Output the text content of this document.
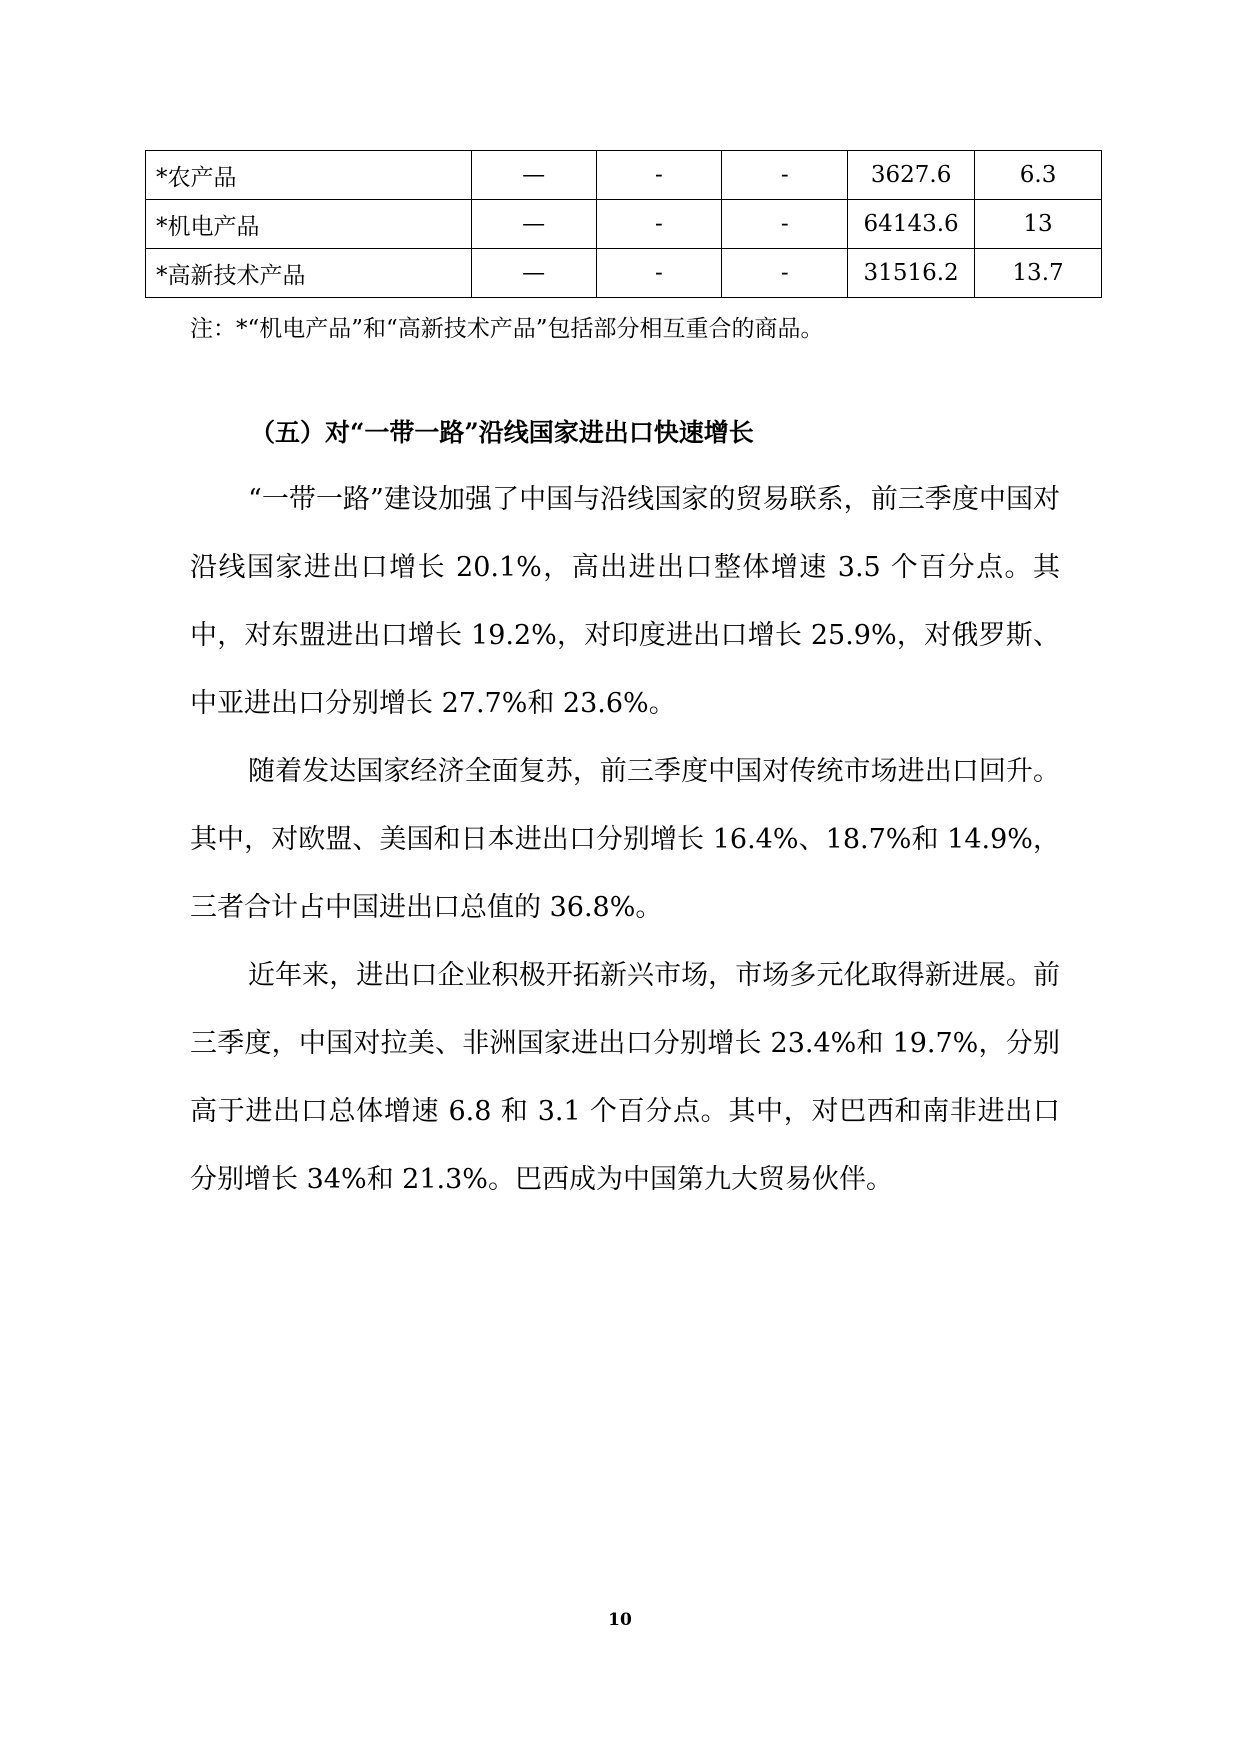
*农产品	—	-	-	3627.6	6.3
*机电产品	—	-	-	64143.6	13
*高新技术产品	—	-	-	31516.2	13.7
注：*“机电产品”和“高新技术产品”包括部分相互重合的商品。
（五）对“一带一路”沿线国家进出口快速增长

“一带一路”建设加强了中国与沿线国家的贸易联系，前三季度中国对沿线国家进出口增长 20.1%，高出进出口整体增速 3.5 个百分点。其中，对东盟进出口增长 19.2%，对印度进出口增长 25.9%，对俄罗斯、中亚进出口分别增长 27.7%和 23.6%。

随着发达国家经济全面复苏，前三季度中国对传统市场进出口回升。其中，对欧盟、美国和日本进出口分别增长 16.4%、18.7%和 14.9%，三者合计占中国进出口总值的 36.8%。

近年来，进出口企业积极开拓新兴市场，市场多元化取得新进展。前三季度，中国对拉美、非洲国家进出口分别增长 23.4%和 19.7%，分别高于进出口总体增速 6.8 和 3.1 个百分点。其中，对巴西和南非进出口分别增长 34%和 21.3%。巴西成为中国第九大贸易伙伴。

10
